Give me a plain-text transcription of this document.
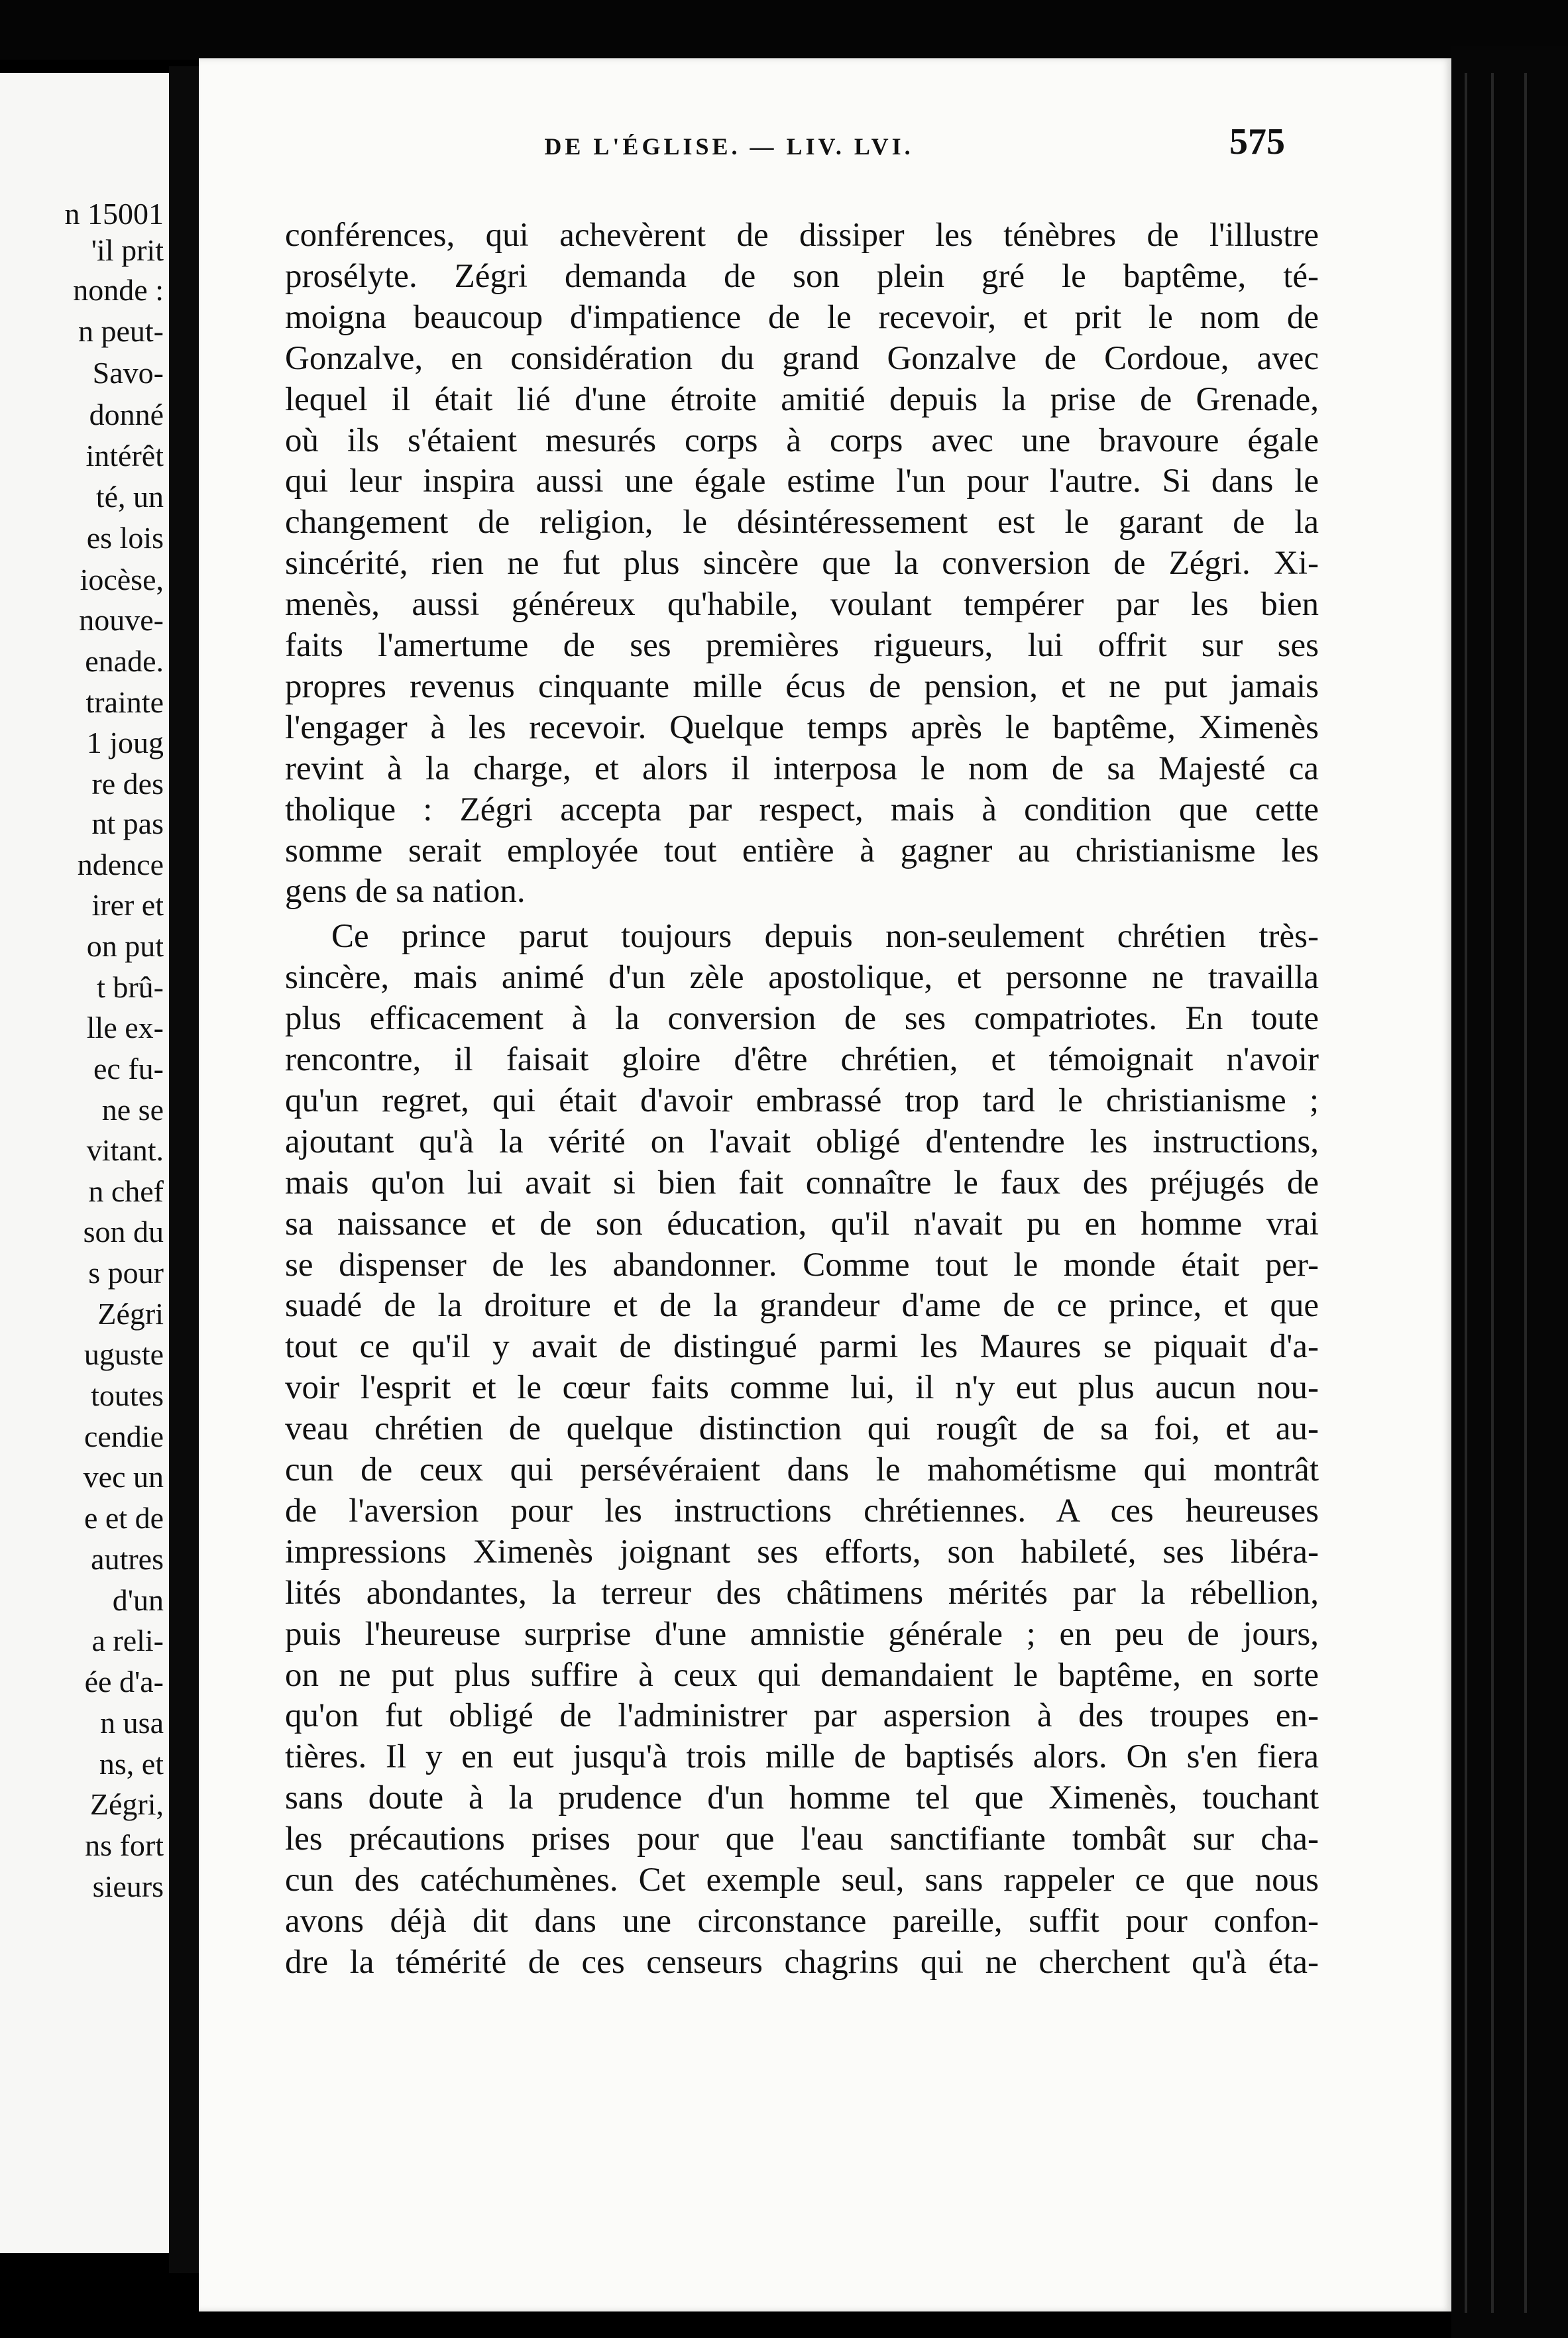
n 15001
'il prit
nonde :
n peut-
Savo-
donné
intérêt
té, un
es lois
iocèse,
nouve-
enade.
trainte
1 joug
re des
nt pas
ndence
irer et
on put
t brû-
lle ex-
ec fu-
ne se
vitant.
n chef
son du
s pour
Zégri
uguste
toutes
cendie
vec un
e et de
autres
d'un
a reli-
ée d'a-
n usa
ns, et
Zégri,
ns fort
sieurs
DE L'ÉGLISE. — LIV. LVI.	575
conférences, qui achevèrent de dissiper les ténèbres de l'illustre
prosélyte. Zégri demanda de son plein gré le baptême, té-
moigna beaucoup d'impatience de le recevoir, et prit le nom de
Gonzalve, en considération du grand Gonzalve de Cordoue, avec
lequel il était lié d'une étroite amitié depuis la prise de Grenade,
où ils s'étaient mesurés corps à corps avec une bravoure égale
qui leur inspira aussi une égale estime l'un pour l'autre. Si dans le
changement de religion, le désintéressement est le garant de la
sincérité, rien ne fut plus sincère que la conversion de Zégri. Xi-
menès, aussi généreux qu'habile, voulant tempérer par les bien
faits l'amertume de ses premières rigueurs, lui offrit sur ses
propres revenus cinquante mille écus de pension, et ne put jamais
l'engager à les recevoir. Quelque temps après le baptême, Ximenès
revint à la charge, et alors il interposa le nom de sa Majesté ca
tholique : Zégri accepta par respect, mais à condition que cette
somme serait employée tout entière à gagner au christianisme les
gens de sa nation.
Ce prince parut toujours depuis non-seulement chrétien très-
sincère, mais animé d'un zèle apostolique, et personne ne travailla
plus efficacement à la conversion de ses compatriotes. En toute
rencontre, il faisait gloire d'être chrétien, et témoignait n'avoir
qu'un regret, qui était d'avoir embrassé trop tard le christianisme ;
ajoutant qu'à la vérité on l'avait obligé d'entendre les instructions,
mais qu'on lui avait si bien fait connaître le faux des préjugés de
sa naissance et de son éducation, qu'il n'avait pu en homme vrai
se dispenser de les abandonner. Comme tout le monde était per-
suadé de la droiture et de la grandeur d'ame de ce prince, et que
tout ce qu'il y avait de distingué parmi les Maures se piquait d'a-
voir l'esprit et le cœur faits comme lui, il n'y eut plus aucun nou-
veau chrétien de quelque distinction qui rougît de sa foi, et au-
cun de ceux qui persévéraient dans le mahométisme qui montrât
de l'aversion pour les instructions chrétiennes. A ces heureuses
impressions Ximenès joignant ses efforts, son habileté, ses libéra-
lités abondantes, la terreur des châtimens mérités par la rébellion,
puis l'heureuse surprise d'une amnistie générale ; en peu de jours,
on ne put plus suffire à ceux qui demandaient le baptême, en sorte
qu'on fut obligé de l'administrer par aspersion à des troupes en-
tières. Il y en eut jusqu'à trois mille de baptisés alors. On s'en fiera
sans doute à la prudence d'un homme tel que Ximenès, touchant
les précautions prises pour que l'eau sanctifiante tombât sur cha-
cun des catéchumènes. Cet exemple seul, sans rappeler ce que nous
avons déjà dit dans une circonstance pareille, suffit pour confon-
dre la témérité de ces censeurs chagrins qui ne cherchent qu'à éta-
